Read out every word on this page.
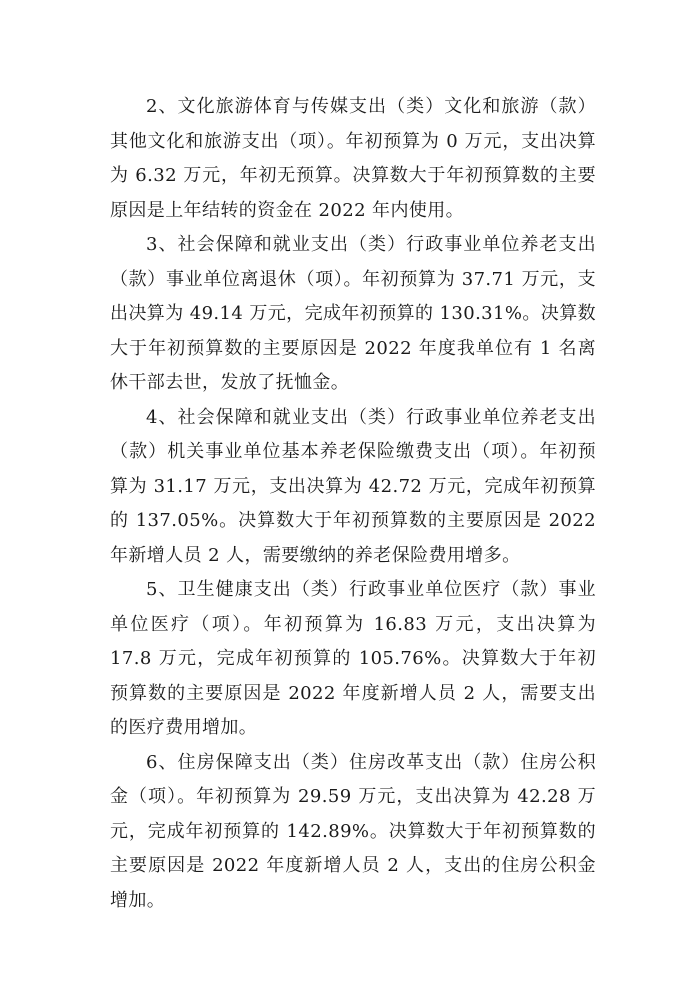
2、文化旅游体育与传媒支出（类）文化和旅游（款）其他文化和旅游支出（项）。年初预算为 0 万元，支出决算为 6.32 万元，年初无预算。决算数大于年初预算数的主要原因是上年结转的资金在 2022 年内使用。

3、社会保障和就业支出（类）行政事业单位养老支出（款）事业单位离退休（项）。年初预算为 37.71 万元，支出决算为 49.14 万元，完成年初预算的 130.31%。决算数大于年初预算数的主要原因是 2022 年度我单位有 1 名离休干部去世，发放了抚恤金。

4、社会保障和就业支出（类）行政事业单位养老支出（款）机关事业单位基本养老保险缴费支出（项）。年初预算为 31.17 万元，支出决算为 42.72 万元，完成年初预算的 137.05%。决算数大于年初预算数的主要原因是 2022 年新增人员 2 人，需要缴纳的养老保险费用增多。

5、卫生健康支出（类）行政事业单位医疗（款）事业单位医疗（项）。年初预算为 16.83 万元，支出决算为 17.8 万元，完成年初预算的 105.76%。决算数大于年初预算数的主要原因是 2022 年度新增人员 2 人，需要支出的医疗费用增加。

6、住房保障支出（类）住房改革支出（款）住房公积金（项）。年初预算为 29.59 万元，支出决算为 42.28 万元，完成年初预算的 142.89%。决算数大于年初预算数的主要原因是 2022 年度新增人员 2 人，支出的住房公积金增加。
